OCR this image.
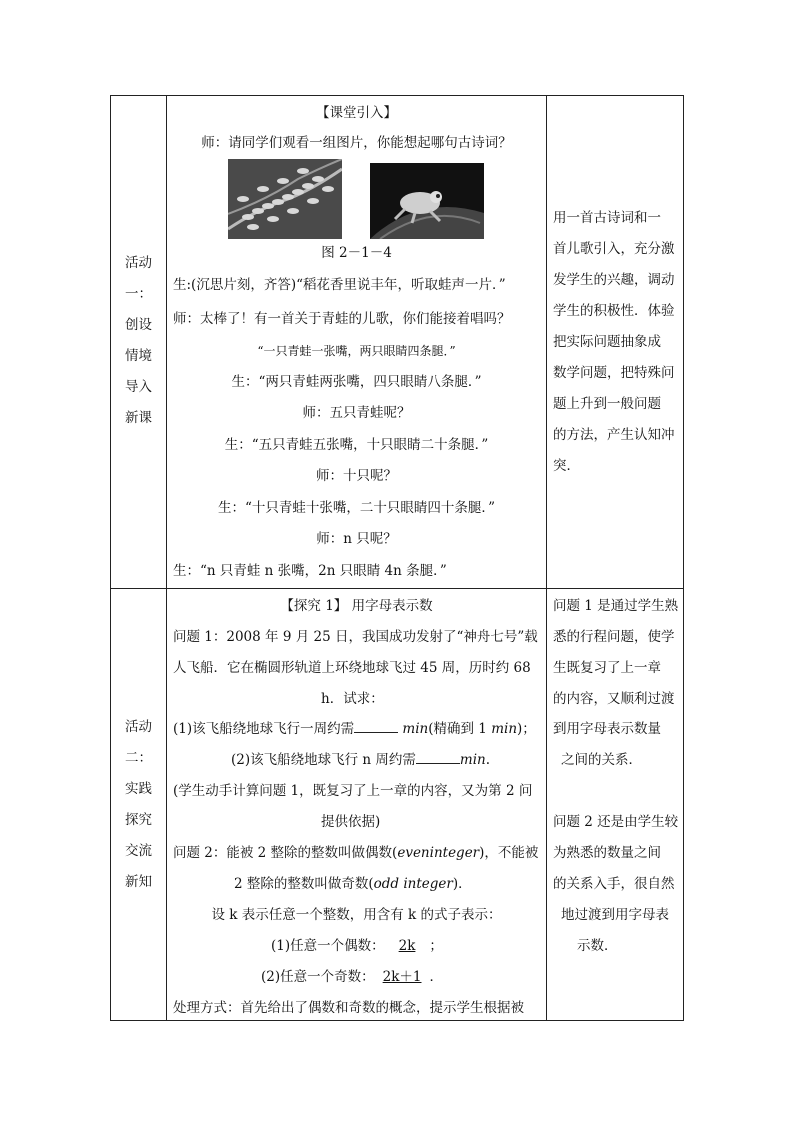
活动
一：
创设
情境
导入
新课
【课堂引入】
师：请同学们观看一组图片，你能想起哪句古诗词？
图 2－1－4
生:(沉思片刻，齐答)“稻花香里说丰年，听取蛙声一片．”
师：太棒了！有一首关于青蛙的儿歌，你们能接着唱吗？
“一只青蛙一张嘴，两只眼睛四条腿．”
生：“两只青蛙两张嘴，四只眼睛八条腿．”
师：五只青蛙呢？
生：“五只青蛙五张嘴，十只眼睛二十条腿．”
师：十只呢？
生：“十只青蛙十张嘴，二十只眼睛四十条腿．”
师：n 只呢？
生：“n 只青蛙 n 张嘴，2n 只眼睛 4n 条腿．”
用一首古诗词和一
首儿歌引入，充分激
发学生的兴趣，调动
学生的积极性．体验
把实际问题抽象成
数学问题，把特殊问
题上升到一般问题
的方法，产生认知冲
突．
活动
二：
实践
探究
交流
新知
【探究 1】 用字母表示数
问题 1：2008 年 9 月 25 日，我国成功发射了“神舟七号”载
人飞船．它在椭圆形轨道上环绕地球飞过 45 周，历时约 68
h．试求：
(1)该飞船绕地球飞行一周约需	min(精确到 1 min)；
(2)该飞船绕地球飞行 n 周约需	min.
(学生动手计算问题 1，既复习了上一章的内容，又为第 2 问
提供依据)
问题 2：能被 2 整除的整数叫做偶数(eveninteger)，不能被
2 整除的整数叫做奇数(odd integer)．
设 k 表示任意一个整数，用含有 k 的式子表示：
(1)任意一个偶数： 2k ；
(2)任意一个奇数： 2k＋1 ．
处理方式：首先给出了偶数和奇数的概念，提示学生根据被
问题 1 是通过学生熟
悉的行程问题，使学
生既复习了上一章
的内容，又顺利过渡
到用字母表示数量
之间的关系．
问题 2 还是由学生较
为熟悉的数量之间
的关系入手，很自然
地过渡到用字母表
示数．
